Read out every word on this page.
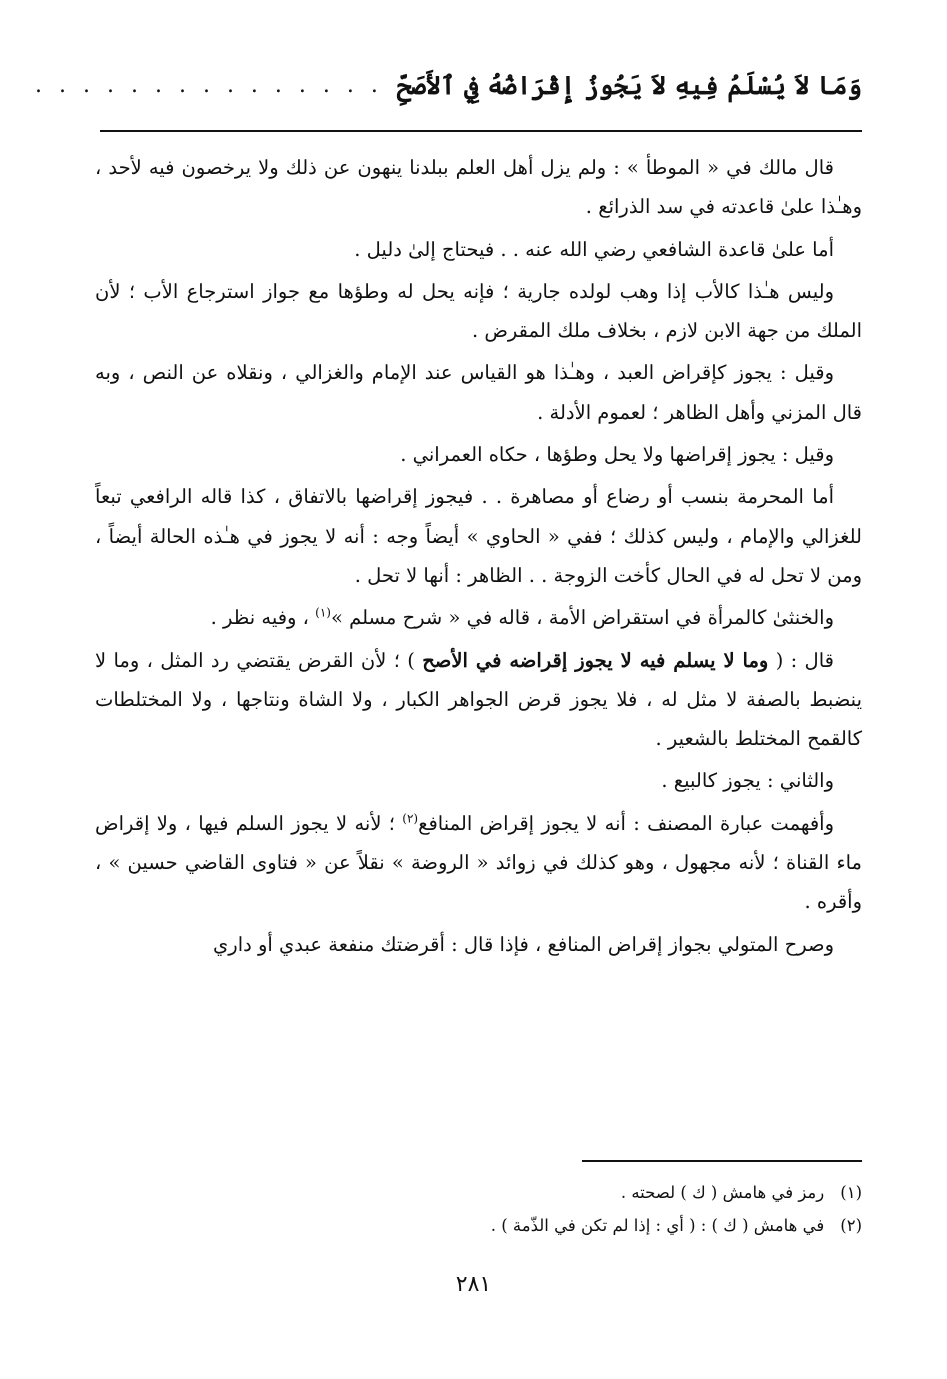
وَمَا لاَ يُسْلَمُ فِيهِ لاَ يَجُوزُ إِقْرَاضُهُ فِي ٱلأَصَحِّ
. . . . . . . . . . . . . . .

قال مالك في « الموطأ » : ولم يزل أهل العلم ببلدنا ينهون عن ذلك ولا يرخصون فيه لأحد ، وهـٰذا علىٰ قاعدته في سد الذرائع .

أما علىٰ قاعدة الشافعي رضي الله عنه . . فيحتاج إلىٰ دليل .

وليس هـٰذا كالأب إذا وهب لولده جارية ؛ فإنه يحل له وطؤها مع جواز استرجاع الأب ؛ لأن الملك من جهة الابن لازم ، بخلاف ملك المقرض .

وقيل : يجوز كإقراض العبد ، وهـٰذا هو القياس عند الإمام والغزالي ، ونقلاه عن النص ، وبه قال المزني وأهل الظاهر ؛ لعموم الأدلة .

وقيل : يجوز إقراضها ولا يحل وطؤها ، حكاه العمراني .

أما المحرمة بنسب أو رضاع أو مصاهرة . . فيجوز إقراضها بالاتفاق ، كذا قاله الرافعي تبعاً للغزالي والإمام ، وليس كذلك ؛ ففي « الحاوي » أيضاً وجه : أنه لا يجوز في هـٰذه الحالة أيضاً ، ومن لا تحل له في الحال كأخت الزوجة . . الظاهر : أنها لا تحل .

والخنثىٰ كالمرأة في استقراض الأمة ، قاله في « شرح مسلم »$^{(١)}$ ، وفيه نظر .

قال : ( وما لا يسلم فيه لا يجوز إقراضه في الأصح ) ؛ لأن القرض يقتضي رد المثل ، وما لا ينضبط بالصفة لا مثل له ، فلا يجوز قرض الجواهر الكبار ، ولا الشاة ونتاجها ، ولا المختلطات كالقمح المختلط بالشعير .

والثاني : يجوز كالبيع .

وأفهمت عبارة المصنف : أنه لا يجوز إقراض المنافع$^{(٢)}$ ؛ لأنه لا يجوز السلم فيها ، ولا إقراض ماء القناة ؛ لأنه مجهول ، وهو كذلك في زوائد « الروضة » نقلاً عن « فتاوى القاضي حسين » ، وأقره .

وصرح المتولي بجواز إقراض المنافع ، فإذا قال : أقرضتك منفعة عبدي أو داري

(١)
رمز في هامش ( ك ) لصحته .
(٢)
في هامش ( ك ) : ( أي : إذا لم تكن في الذّمة ) .
٢٨١
